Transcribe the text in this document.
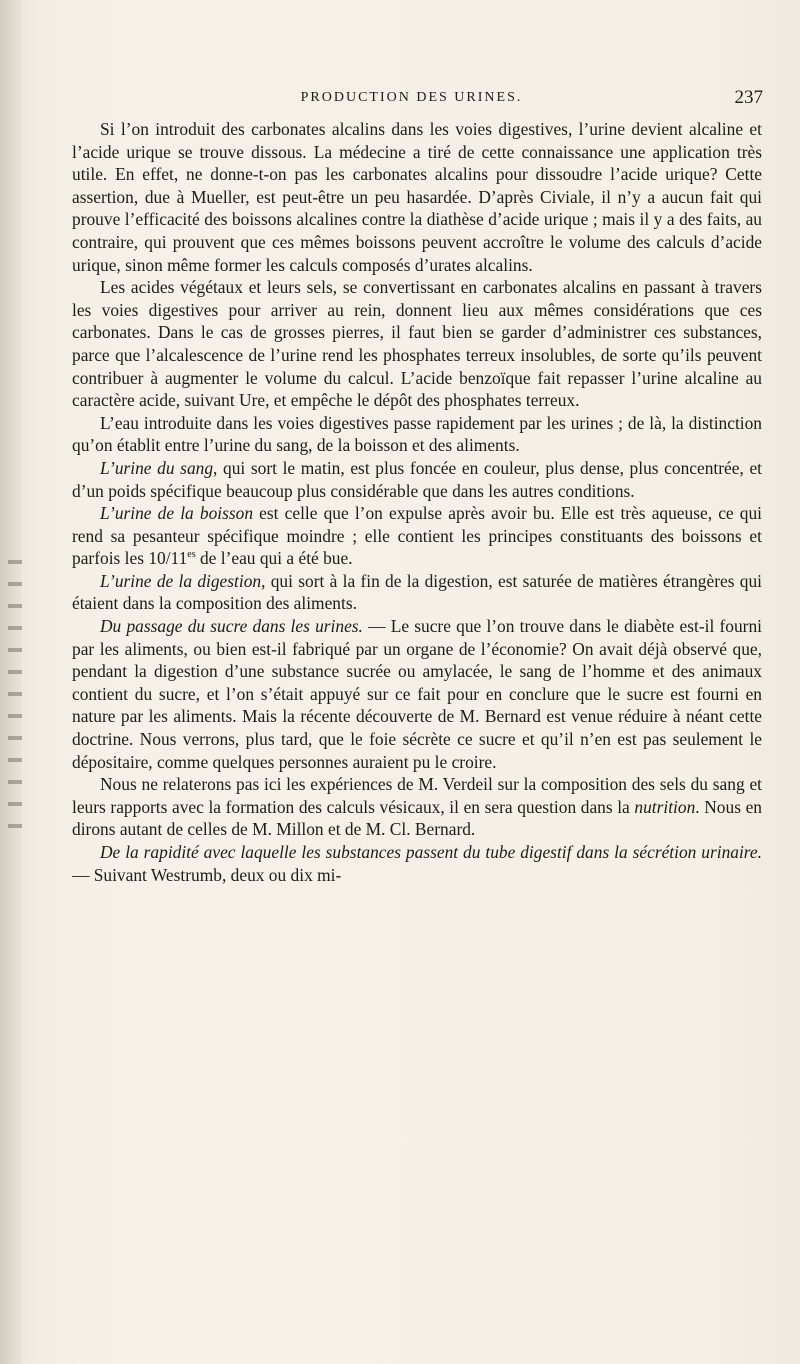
PRODUCTION DES URINES.	237

Si l’on introduit des carbonates alcalins dans les voies digestives, l’urine devient alcaline et l’acide urique se trouve dissous. La médecine a tiré de cette connaissance une application très utile. En effet, ne donne-t-on pas les carbonates alcalins pour dissoudre l’acide urique? Cette assertion, due à Mueller, est peut-être un peu hasardée. D’après Civiale, il n’y a aucun fait qui prouve l’efficacité des boissons alcalines contre la diathèse d’acide urique ; mais il y a des faits, au contraire, qui prouvent que ces mêmes boissons peuvent accroître le volume des calculs d’acide urique, sinon même former les calculs composés d’urates alcalins.

Les acides végétaux et leurs sels, se convertissant en carbonates alcalins en passant à travers les voies digestives pour arriver au rein, donnent lieu aux mêmes considérations que ces carbonates. Dans le cas de grosses pierres, il faut bien se garder d’administrer ces substances, parce que l’alcalescence de l’urine rend les phosphates terreux insolubles, de sorte qu’ils peuvent contribuer à augmenter le volume du calcul. L’acide benzoïque fait repasser l’urine alcaline au caractère acide, suivant Ure, et empêche le dépôt des phosphates terreux.

L’eau introduite dans les voies digestives passe rapidement par les urines ; de là, la distinction qu’on établit entre l’urine du sang, de la boisson et des aliments.

L’urine du sang, qui sort le matin, est plus foncée en couleur, plus dense, plus concentrée, et d’un poids spécifique beaucoup plus considérable que dans les autres conditions.

L’urine de la boisson est celle que l’on expulse après avoir bu. Elle est très aqueuse, ce qui rend sa pesanteur spécifique moindre ; elle contient les principes constituants des boissons et parfois les $10/11^{es}$ de l’eau qui a été bue.

L’urine de la digestion, qui sort à la fin de la digestion, est saturée de matières étrangères qui étaient dans la composition des aliments.

Du passage du sucre dans les urines. — Le sucre que l’on trouve dans le diabète est-il fourni par les aliments, ou bien est-il fabriqué par un organe de l’économie? On avait déjà observé que, pendant la digestion d’une substance sucrée ou amylacée, le sang de l’homme et des animaux contient du sucre, et l’on s’était appuyé sur ce fait pour en conclure que le sucre est fourni en nature par les aliments. Mais la récente découverte de M. Bernard est venue réduire à néant cette doctrine. Nous verrons, plus tard, que le foie sécrète ce sucre et qu’il n’en est pas seulement le dépositaire, comme quelques personnes auraient pu le croire.

Nous ne relaterons pas ici les expériences de M. Verdeil sur la composition des sels du sang et leurs rapports avec la formation des calculs vésicaux, il en sera question dans la nutrition. Nous en dirons autant de celles de M. Millon et de M. Cl. Bernard.

De la rapidité avec laquelle les substances passent du tube digestif dans la sécrétion urinaire. — Suivant Westrumb, deux ou dix mi-
